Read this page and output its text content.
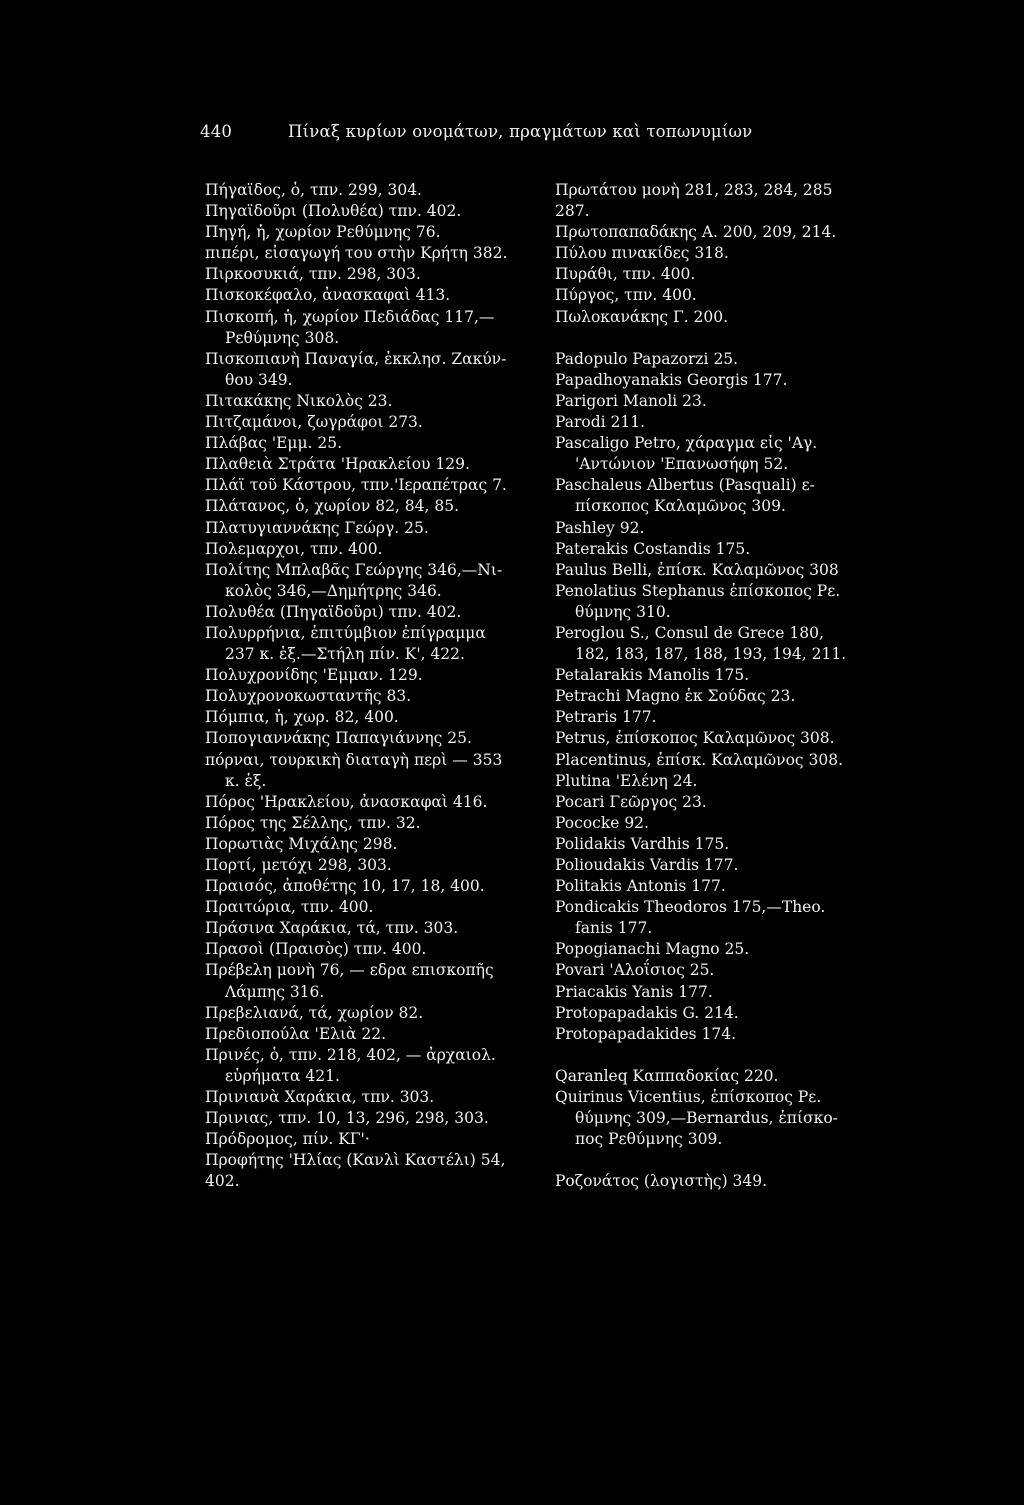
440	Πίναξ κυρίων ονομάτων, πραγμάτων καὶ τοπωνυμίων
Πήγαϊδος, ὁ, τπν. 299, 304.
Πηγαϊδοῦρι (Πολυθέα) τπν. 402.
Πηγή, ἡ, χωρίον Ρεθύμνης 76.
πιπέρι, εἰσαγωγή του στὴν Κρήτη 382.
Πιρκοσυκιά, τπν. 298, 303.
Πισκοκέφαλο, ἀνασκαφαὶ 413.
Πισκοπή, ἡ, χωρίον Πεδιάδας 117,—
Ρεθύμνης 308.
Πισκοπιανὴ Παναγία, ἐκκλησ. Ζακύν-
θου 349.
Πιτακάκης Νικολὸς 23.
Πιτζαμάνοι, ζωγράφοι 273.
Πλάβας 'Εμμ. 25.
Πλαθειὰ Στράτα 'Ηρακλείου 129.
Πλάϊ τοῦ Κάστρου, τπν.'Ιεραπέτρας 7.
Πλάτανος, ὁ, χωρίον 82, 84, 85.
Πλατυγιαννάκης Γεώργ. 25.
Πολεμαρχοι, τπν. 400.
Πολίτης Μπλαβᾶς Γεώργης 346,—Νι-
κολὸς 346,—Δημήτρης 346.
Πολυθέα (Πηγαϊδοῦρι) τπν. 402.
Πολυρρήνια, ἐπιτύμβιον ἐπίγραμμα
237 κ. ἑξ.—Στήλη πίν. Κ', 422.
Πολυχρονίδης 'Εμμαν. 129.
Πολυχρονοκωσταντῆς 83.
Πόμπια, ἡ, χωρ. 82, 400.
Ποπογιαννάκης Παπαγιάννης 25.
πόρναι, τουρκικὴ διαταγὴ περὶ — 353
κ. ἑξ.
Πόρος 'Ηρακλείου, ἀνασκαφαὶ 416.
Πόρος της Σέλλης, τπν. 32.
Πορωτιὰς Μιχάλης 298.
Πορτί, μετόχι 298, 303.
Πραισός, ἀποθέτης 10, 17, 18, 400.
Πραιτώρια, τπν. 400.
Πράσινα Χαράκια, τά, τπν. 303.
Πρασοὶ (Πραισὸς) τπν. 400.
Πρέβελη μονὴ 76, — εδρα επισκοπῆς
Λάμπης 316.
Πρεβελιανά, τά, χωρίον 82.
Πρεδιοπούλα 'Ελιὰ 22.
Πρινές, ὁ, τπν. 218, 402, — ἀρχαιολ.
εὑρήματα 421.
Πρινιανὰ Χαράκια, τπν. 303.
Πρινιας, τπν. 10, 13, 296, 298, 303.
Πρόδρομος, πίν. ΚΓ'·
Προφήτης 'Ηλίας (Κανλὶ Καστέλι) 54,
402.
Πρωτάτου μονὴ 281, 283, 284, 285
287.
Πρωτοπαπαδάκης Α. 200, 209, 214.
Πύλου πινακίδες 318.
Πυράθι, τπν. 400.
Πύργος, τπν. 400.
Πωλοκανάκης Γ. 200.
Padopulo Papazorzi 25.
Papadhoyanakis Georgis 177.
Parigori Manoli 23.
Parodi 211.
Pascaligo Petro, χάραγμα εἰς 'Αγ.
'Αντώνιον 'Επανωσήφη 52.
Paschaleus Albertus (Pasquali) ε-
πίσκοπος Καλαμῶνος 309.
Pashley 92.
Paterakis Costandis 175.
Paulus Belli, ἐπίσκ. Καλαμῶνος 308
Penolatius Stephanus ἐπίσκοπος Ρε.
θύμνης 310.
Peroglou S., Consul de Grece 180,
182, 183, 187, 188, 193, 194, 211.
Petalarakis Manolis 175.
Petrachi Magno ἐκ Σούδας 23.
Petraris 177.
Petrus, ἐπίσκοπος Καλαμῶνος 308.
Placentinus, ἐπίσκ. Καλαμῶνος 308.
Plutina 'Ελένη 24.
Pocari Γεῶργος 23.
Pococke 92.
Polidakis Vardhis 175.
Polioudakis Vardis 177.
Politakis Antonis 177.
Pondicakis Theodoros 175,—Theo.
fanis 177.
Popogianachi Magno 25.
Povari 'Αλοΐσιος 25.
Priacakis Yanis 177.
Protopapadakis G. 214.
Protopapadakides 174.
Qaranleq Καππαδοκίας 220.
Quirinus Vicentius, ἐπίσκοπος Ρε.
θύμνης 309,—Bernardus, ἐπίσκο-
πος Ρεθύμνης 309.
Ροζονάτος (λογιστὴς) 349.
